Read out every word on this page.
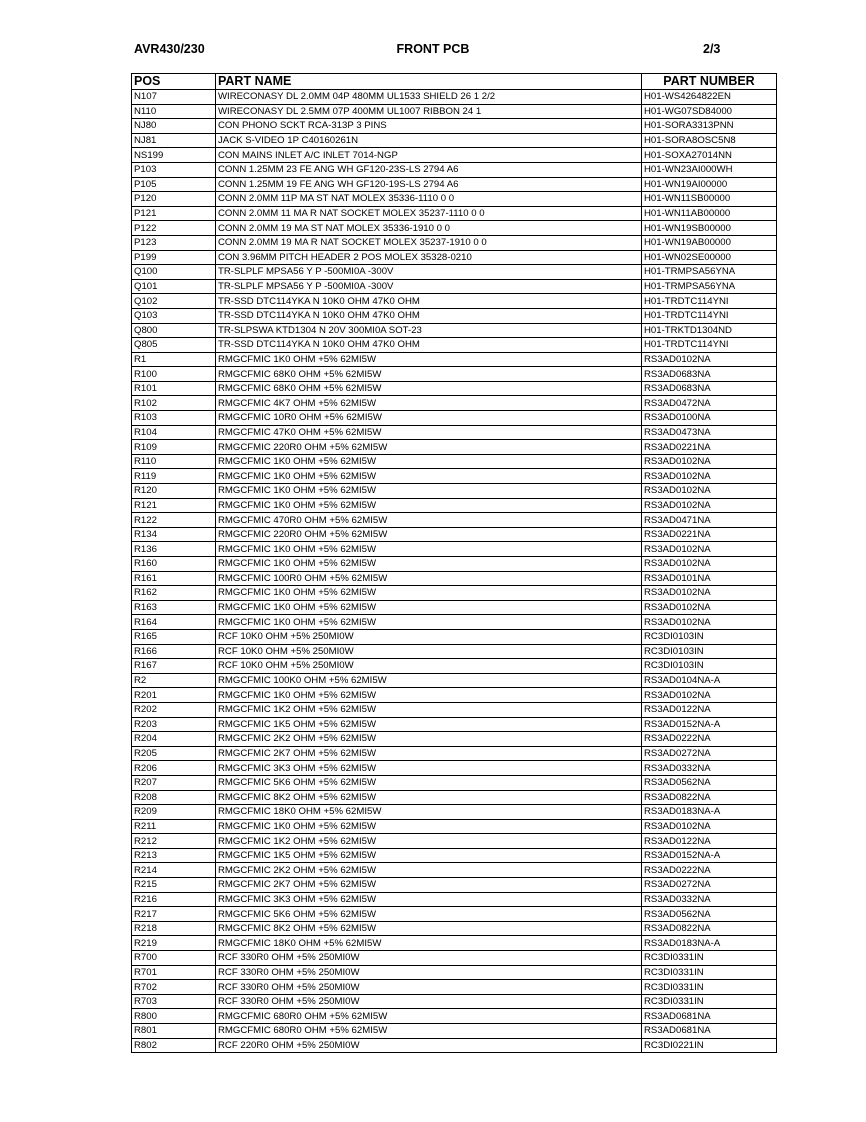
AVR430/230	FRONT PCB	2/3
POS	PART NAME	PART NUMBER
N107	WIRECONASY DL 2.0MM 04P 480MM UL1533 SHIELD 26 1 2/2	H01-WS4264822EN
N110	WIRECONASY DL 2.5MM 07P 400MM UL1007 RIBBON 24 1	H01-WG07SD84000
NJ80	CON PHONO SCKT RCA-313P 3 PINS	H01-SORA3313PNN
NJ81	JACK S-VIDEO 1P C40160261N	H01-SORA8OSC5N8
NS199	CON MAINS INLET A/C INLET 7014-NGP	H01-SOXA27014NN
P103	CONN 1.25MM 23 FE ANG WH GF120-23S-LS 2794 A6	H01-WN23AI000WH
P105	CONN 1.25MM 19 FE ANG WH GF120-19S-LS 2794 A6	H01-WN19AI00000
P120	CONN 2.0MM 11P MA ST NAT MOLEX 35336-1110 0 0	H01-WN11SB00000
P121	CONN 2.0MM 11 MA R NAT SOCKET MOLEX 35237-1110 0 0	H01-WN11AB00000
P122	CONN 2.0MM 19 MA ST NAT MOLEX 35336-1910 0 0	H01-WN19SB00000
P123	CONN 2.0MM 19 MA R NAT SOCKET MOLEX 35237-1910 0 0	H01-WN19AB00000
P199	CON 3.96MM PITCH HEADER 2 POS MOLEX 35328-0210	H01-WN02SE00000
Q100	TR-SLPLF MPSA56 Y P -500MI0A -300V	H01-TRMPSA56YNA
Q101	TR-SLPLF MPSA56 Y P -500MI0A -300V	H01-TRMPSA56YNA
Q102	TR-SSD DTC114YKA N 10K0 OHM 47K0 OHM	H01-TRDTC114YNI
Q103	TR-SSD DTC114YKA N 10K0 OHM 47K0 OHM	H01-TRDTC114YNI
Q800	TR-SLPSWA KTD1304 N 20V 300MI0A SOT-23	H01-TRKTD1304ND
Q805	TR-SSD DTC114YKA N 10K0 OHM 47K0 OHM	H01-TRDTC114YNI
R1	RMGCFMIC 1K0 OHM +5% 62MI5W	RS3AD0102NA
R100	RMGCFMIC 68K0 OHM +5% 62MI5W	RS3AD0683NA
R101	RMGCFMIC 68K0 OHM +5% 62MI5W	RS3AD0683NA
R102	RMGCFMIC 4K7 OHM +5% 62MI5W	RS3AD0472NA
R103	RMGCFMIC 10R0 OHM +5% 62MI5W	RS3AD0100NA
R104	RMGCFMIC 47K0 OHM +5% 62MI5W	RS3AD0473NA
R109	RMGCFMIC 220R0 OHM +5% 62MI5W	RS3AD0221NA
R110	RMGCFMIC 1K0 OHM +5% 62MI5W	RS3AD0102NA
R119	RMGCFMIC 1K0 OHM +5% 62MI5W	RS3AD0102NA
R120	RMGCFMIC 1K0 OHM +5% 62MI5W	RS3AD0102NA
R121	RMGCFMIC 1K0 OHM +5% 62MI5W	RS3AD0102NA
R122	RMGCFMIC 470R0 OHM +5% 62MI5W	RS3AD0471NA
R134	RMGCFMIC 220R0 OHM +5% 62MI5W	RS3AD0221NA
R136	RMGCFMIC 1K0 OHM +5% 62MI5W	RS3AD0102NA
R160	RMGCFMIC 1K0 OHM +5% 62MI5W	RS3AD0102NA
R161	RMGCFMIC 100R0 OHM +5% 62MI5W	RS3AD0101NA
R162	RMGCFMIC 1K0 OHM +5% 62MI5W	RS3AD0102NA
R163	RMGCFMIC 1K0 OHM +5% 62MI5W	RS3AD0102NA
R164	RMGCFMIC 1K0 OHM +5% 62MI5W	RS3AD0102NA
R165	RCF 10K0 OHM +5% 250MI0W	RC3DI0103IN
R166	RCF 10K0 OHM +5% 250MI0W	RC3DI0103IN
R167	RCF 10K0 OHM +5% 250MI0W	RC3DI0103IN
R2	RMGCFMIC 100K0 OHM +5% 62MI5W	RS3AD0104NA-A
R201	RMGCFMIC 1K0 OHM +5% 62MI5W	RS3AD0102NA
R202	RMGCFMIC 1K2 OHM +5% 62MI5W	RS3AD0122NA
R203	RMGCFMIC 1K5 OHM +5% 62MI5W	RS3AD0152NA-A
R204	RMGCFMIC 2K2 OHM +5% 62MI5W	RS3AD0222NA
R205	RMGCFMIC 2K7 OHM +5% 62MI5W	RS3AD0272NA
R206	RMGCFMIC 3K3 OHM +5% 62MI5W	RS3AD0332NA
R207	RMGCFMIC 5K6 OHM +5% 62MI5W	RS3AD0562NA
R208	RMGCFMIC 8K2 OHM +5% 62MI5W	RS3AD0822NA
R209	RMGCFMIC 18K0 OHM +5% 62MI5W	RS3AD0183NA-A
R211	RMGCFMIC 1K0 OHM +5% 62MI5W	RS3AD0102NA
R212	RMGCFMIC 1K2 OHM +5% 62MI5W	RS3AD0122NA
R213	RMGCFMIC 1K5 OHM +5% 62MI5W	RS3AD0152NA-A
R214	RMGCFMIC 2K2 OHM +5% 62MI5W	RS3AD0222NA
R215	RMGCFMIC 2K7 OHM +5% 62MI5W	RS3AD0272NA
R216	RMGCFMIC 3K3 OHM +5% 62MI5W	RS3AD0332NA
R217	RMGCFMIC 5K6 OHM +5% 62MI5W	RS3AD0562NA
R218	RMGCFMIC 8K2 OHM +5% 62MI5W	RS3AD0822NA
R219	RMGCFMIC 18K0 OHM +5% 62MI5W	RS3AD0183NA-A
R700	RCF 330R0 OHM +5% 250MI0W	RC3DI0331IN
R701	RCF 330R0 OHM +5% 250MI0W	RC3DI0331IN
R702	RCF 330R0 OHM +5% 250MI0W	RC3DI0331IN
R703	RCF 330R0 OHM +5% 250MI0W	RC3DI0331IN
R800	RMGCFMIC 680R0 OHM +5% 62MI5W	RS3AD0681NA
R801	RMGCFMIC 680R0 OHM +5% 62MI5W	RS3AD0681NA
R802	RCF 220R0 OHM +5% 250MI0W	RC3DI0221IN
